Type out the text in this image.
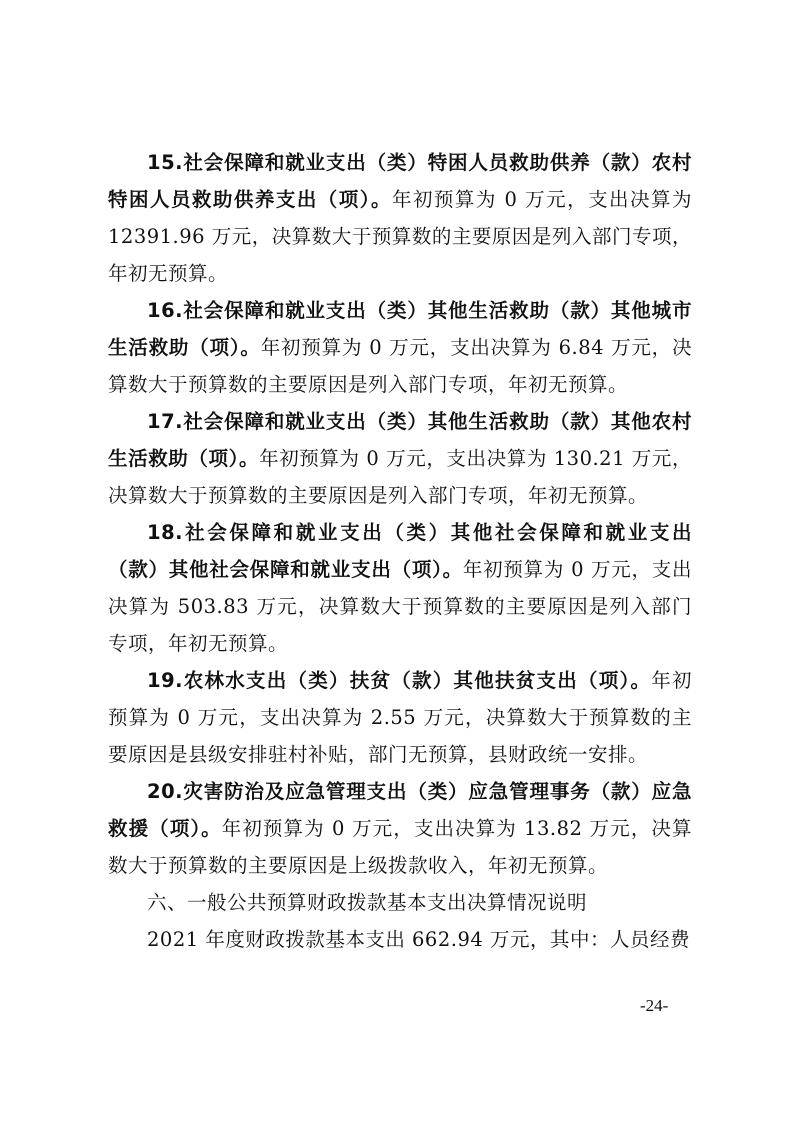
15.社会保障和就业支出（类）特困人员救助供养（款）农村特困人员救助供养支出（项）。年初预算为 0 万元，支出决算为 12391.96 万元，决算数大于预算数的主要原因是列入部门专项，年初无预算。

16.社会保障和就业支出（类）其他生活救助（款）其他城市生活救助（项）。年初预算为 0 万元，支出决算为 6.84 万元，决算数大于预算数的主要原因是列入部门专项，年初无预算。

17.社会保障和就业支出（类）其他生活救助（款）其他农村生活救助（项）。年初预算为 0 万元，支出决算为 130.21 万元，决算数大于预算数的主要原因是列入部门专项，年初无预算。

18.社会保障和就业支出（类）其他社会保障和就业支出（款）其他社会保障和就业支出（项）。年初预算为 0 万元，支出决算为 503.83 万元，决算数大于预算数的主要原因是列入部门专项，年初无预算。

19.农林水支出（类）扶贫（款）其他扶贫支出（项）。年初预算为 0 万元，支出决算为 2.55 万元，决算数大于预算数的主要原因是县级安排驻村补贴，部门无预算，县财政统一安排。

20.灾害防治及应急管理支出（类）应急管理事务（款）应急救援（项）。年初预算为 0 万元，支出决算为 13.82 万元，决算数大于预算数的主要原因是上级拨款收入，年初无预算。

六、一般公共预算财政拨款基本支出决算情况说明

2021 年度财政拨款基本支出 662.94 万元，其中：人员经费

-24-
